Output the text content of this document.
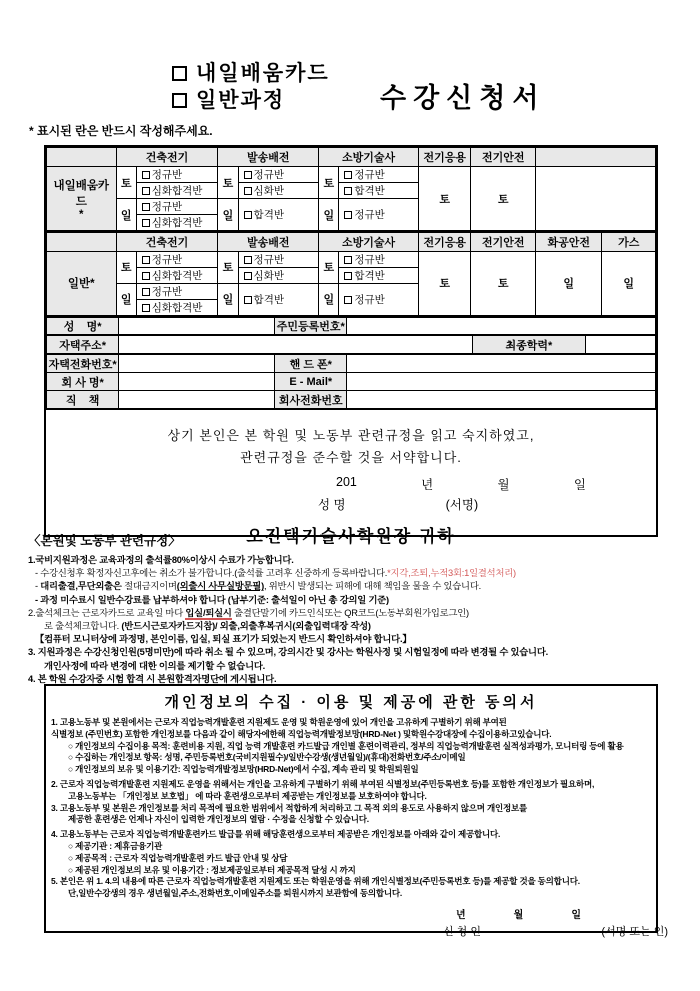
내일배움카드
일반과정	수강신청서
* 표시된 란은 반드시 작성해주세요.
	건축전기		발송배전		소방기술사		전기응용	전기안전	

내일배움카드
*	토	정규반	토	정규반	토	정규반	토	토	
		심화합격반		심화반		합격반			
	일	정규반	일	합격반	일	정규반			
		심화합격반							
	건축전기		발송배전		소방기술사		전기응용	전기안전	화공안전	가스
일반*	토	정규반	토	정규반	토	정규반	토	토	일	일
		심화합격반		심화반		합격반				
	일	정규반	일	합격반	일	정규반				
		심화합격반								
성    명*		주민등록번호*	
자택주소*		최종학력*	
자택전화번호*		핸 드 폰*	
회 사 명*		E - Mail*	
직    책		회사전화번호	
상기 본인은 본 학원 및 노동부 관련규정을 읽고 숙지하였고,
관련규정을 준수할 것을 서약합니다.
201	년	월	일
성 명	(서명)
오진택기술사학원장 귀하
〈본원및 노동부 관련규정〉
1.국비지원과정은 교육과정의 출석률80%이상시 수료가 가능합니다.
- 수강신청후 확정자신고후에는 취소가 불가합니다.(출석률 고려후 신중하게 등록바랍니다.*지각,조퇴,누적3회:1일결석처리)
- 대리출결,무단외출은 절대금지이며(외출시 사무실방문필), 위반시 발생되는 피해에 대해 책임을 물을 수 있습니다.
- 과정 미수료시 일반수강료를 납부하셔야 합니다 (납부기준: 출석일이 아닌 총 강의일 기준)
2.출석체크는 근로자카드로 교육일 마다 입실/퇴실시 출결단말기에 카드인식또는 QR코드(노동부회원가입로그인)
로 출석체크합니다. (반드시근로자카드지참)/ 외출,외출후복귀시(외출입력대장 작성)
【컴퓨터 모니터상에 과정명, 본인이름, 입실, 퇴실 표기가 되었는지 반드시 확인하셔야 합니다.】
3. 지원과정은 수강신청인원(5명미만)에 따라 취소 될 수 있으며, 강의시간 및 강사는 학원사정 및 시험일정에 따라 변경될 수 있습니다.
개인사정에 따라 변경에 대한 이의를 제기할 수 없습니다.
4. 본 학원 수강자중 시험 합격 시 본원합격자명단에 게시됩니다.
개인정보의 수집 · 이용 및 제공에 관한 동의서
1. 고용노동부 및 본원에서는 근로자 직업능력개발훈련 지원제도 운영 및 학원운영에 있어 개인을 고유하게 구별하기 위해 부여된
식별정보 (주민번호) 포함한 개인정보를 다음과 같이 해당자에한해 직업능력개발정보망(HRD-Net ) 및학원수강대장에 수집이용하고있습니다.
○ 개인정보의 수집이용 목적: 훈련비용 지원, 직업 능력 개발훈련 카드발급 개인별 훈련이력관리, 정부의 직업능력개발훈련 실적성과평가, 모니터링 등에 활용
○ 수집하는 개인정보 항목: 성명, 주민등록번호(국비지원필수)/일반수강생(생년월일)/(휴대)전화번호/주소/이메일
○ 개인정보의 보유 및 이용기간: 직업능력개발정보망(HRD-Net)에서 수집, 계속 관리 및 학원퇴원일
2. 근로자 직업능력개발훈련 지원제도 운영을 위해서는 개인을 고유하게 구별하기 위해 부여된 식별정보(주민등록번호 등)를 포함한 개인정보가 필요하며,
고용노동부는 「개인정보 보호법」 에 따라 훈련생으로부터 제공받는 개인정보를 보호하여야 합니다.
3. 고용노동부 및 본원은 개인정보를 처리 목적에 필요한 범위에서 적합하게 처리하고 그 목적 외의 용도로 사용하지 않으며 개인정보를
제공한 훈련생은 언제나 자신이 입력한 개인정보의 열람 · 수정을 신청할 수 있습니다.
4. 고용노동부는 근로자 직업능력개발훈련카드 발급를 위해 해당훈련생으로부터 제공받은 개인정보를 아래와 같이 제공합니다.
○ 제공기관 : 제휴금융기관
○ 제공목적 : 근로자 직업능력개발훈련 카드 발급 안내 및 상담
○ 제공된 개인정보의 보유 및 이용기간 : 정보제공일로부터 제공목적 달성 시 까지
5. 본인은 위 1. 4.의 내용에 따른 근로자 직업능력개발훈련 지원제도 또는 학원운영을 위해 개인식별정보(주민등록번호 등)를 제공할 것을 동의합니다.
단,일반수강생의 경우 생년월일,주소,전화번호,이메일주소를 퇴원시까지 보관함에 동의합니다.
년	월	일
신 청 인	(서명 또는 인)
